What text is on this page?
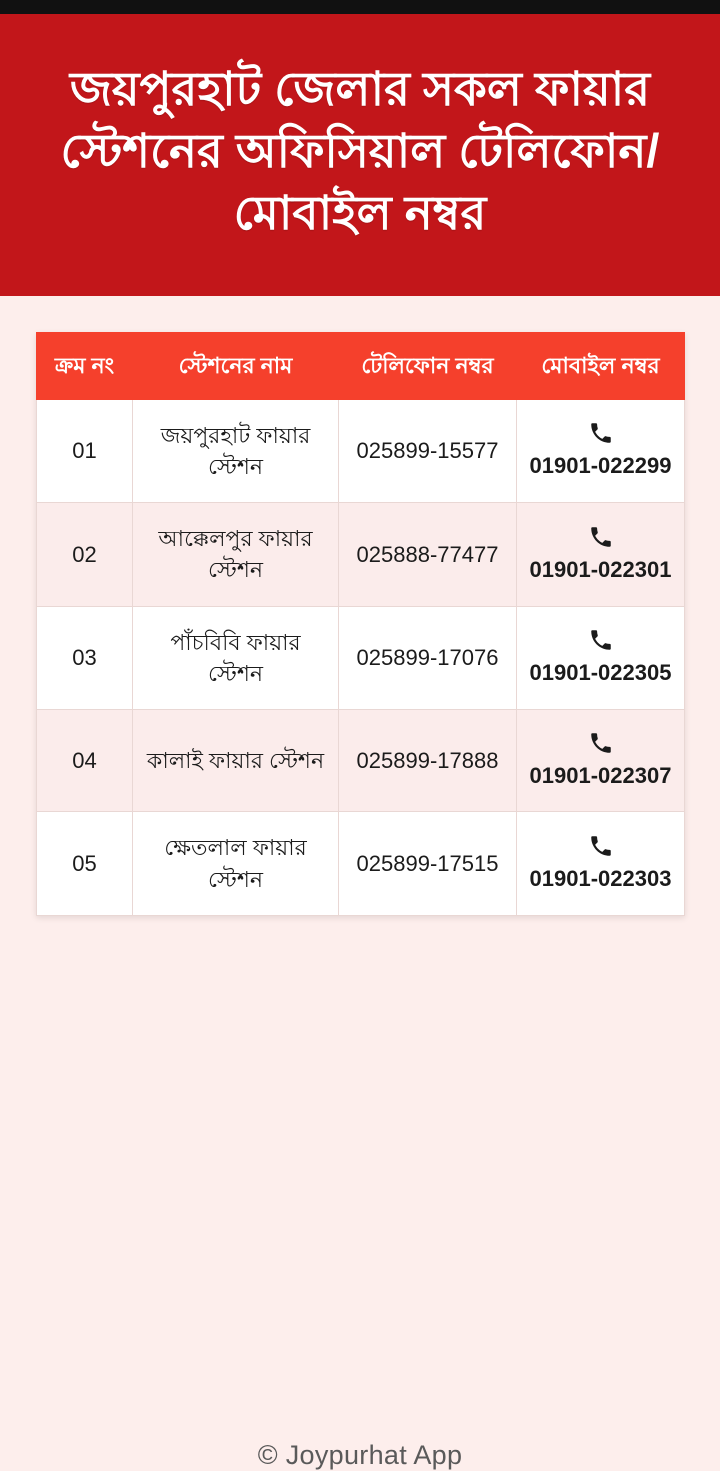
জয়পুরহাট জেলার সকল ফায়ার স্টেশনের অফিসিয়াল টেলিফোন/ মোবাইল নম্বর
ক্রম নং	স্টেশনের নাম	টেলিফোন নম্বর	মোবাইল নম্বর
01	জয়পুরহাট ফায়ার স্টেশন	025899-15577	01901-022299

02	আক্কেলপুর ফায়ার স্টেশন	025888-77477	01901-022301

03	পাঁচবিবি ফায়ার স্টেশন	025899-17076	01901-022305

04	কালাই ফায়ার স্টেশন	025899-17888	01901-022307

05	ক্ষেতলাল ফায়ার স্টেশন	025899-17515	01901-022303
© Joypurhat App
